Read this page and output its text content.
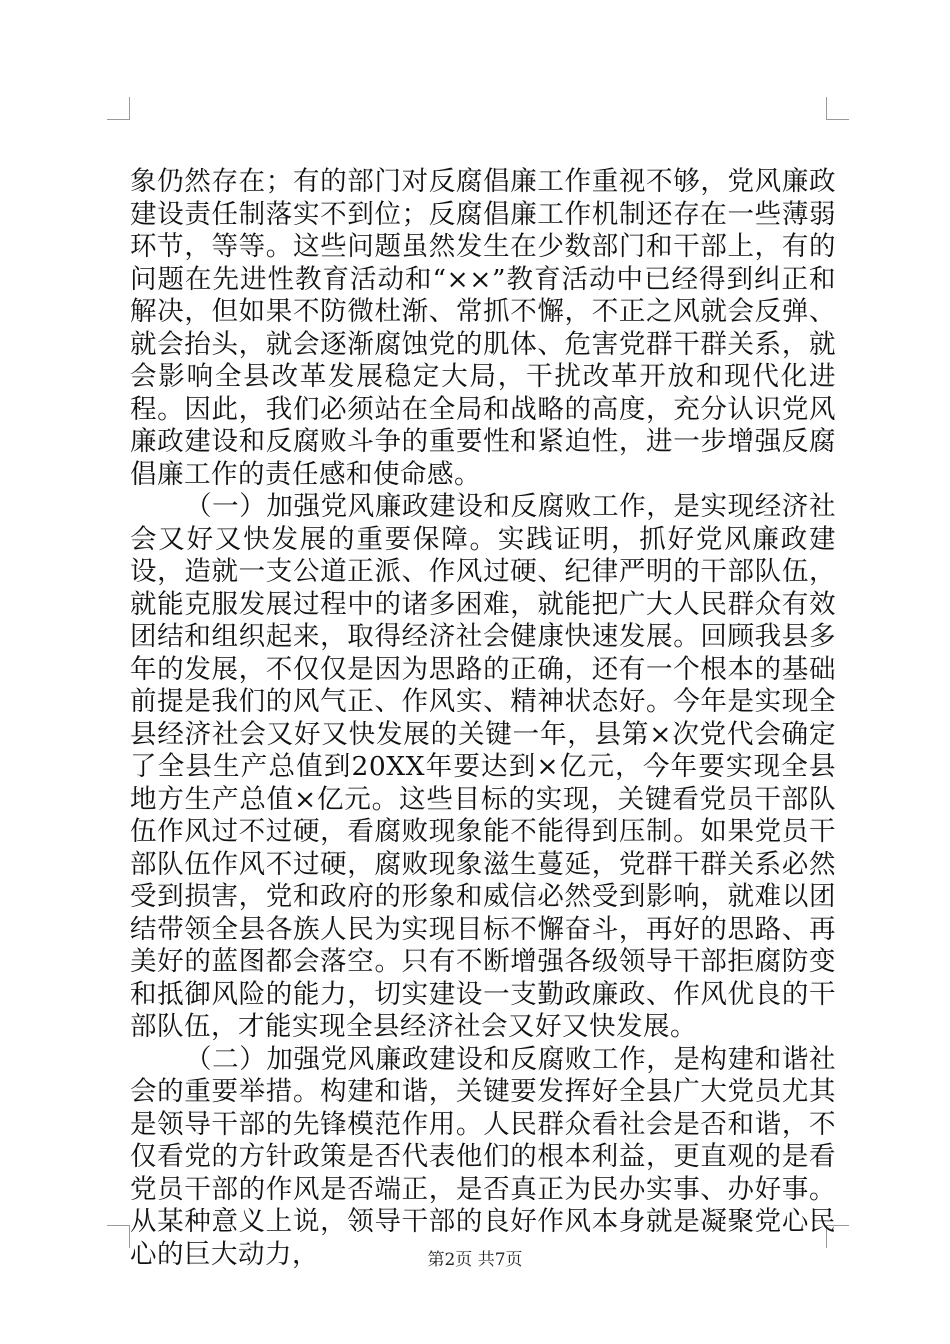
象仍然存在；有的部门对反腐倡廉工作重视不够，党风廉政建设责任制落实不到位；反腐倡廉工作机制还存在一些薄弱环节，等等。这些问题虽然发生在少数部门和干部上，有的问题在先进性教育活动和“××”教育活动中已经得到纠正和解决，但如果不防微杜渐、常抓不懈，不正之风就会反弹、就会抬头，就会逐渐腐蚀党的肌体、危害党群干群关系，就会影响全县改革发展稳定大局，干扰改革开放和现代化进程。因此，我们必须站在全局和战略的高度，充分认识党风廉政建设和反腐败斗争的重要性和紧迫性，进一步增强反腐倡廉工作的责任感和使命感。

（一）加强党风廉政建设和反腐败工作，是实现经济社会又好又快发展的重要保障。实践证明，抓好党风廉政建设，造就一支公道正派、作风过硬、纪律严明的干部队伍，就能克服发展过程中的诸多困难，就能把广大人民群众有效团结和组织起来，取得经济社会健康快速发展。回顾我县多年的发展，不仅仅是因为思路的正确，还有一个根本的基础前提是我们的风气正、作风实、精神状态好。今年是实现全县经济社会又好又快发展的关键一年，县第×次党代会确定了全县生产总值到20XX年要达到×亿元，今年要实现全县地方生产总值×亿元。这些目标的实现，关键看党员干部队伍作风过不过硬，看腐败现象能不能得到压制。如果党员干部队伍作风不过硬，腐败现象滋生蔓延，党群干群关系必然受到损害，党和政府的形象和威信必然受到影响，就难以团结带领全县各族人民为实现目标不懈奋斗，再好的思路、再美好的蓝图都会落空。只有不断增强各级领导干部拒腐防变和抵御风险的能力，切实建设一支勤政廉政、作风优良的干部队伍，才能实现全县经济社会又好又快发展。

（二）加强党风廉政建设和反腐败工作，是构建和谐社会的重要举措。构建和谐，关键要发挥好全县广大党员尤其是领导干部的先锋模范作用。人民群众看社会是否和谐，不仅看党的方针政策是否代表他们的根本利益，更直观的是看党员干部的作风是否端正，是否真正为民办实事、办好事。从某种意义上说，领导干部的良好作风本身就是凝聚党心民心的巨大动力，	第2页 共7页
